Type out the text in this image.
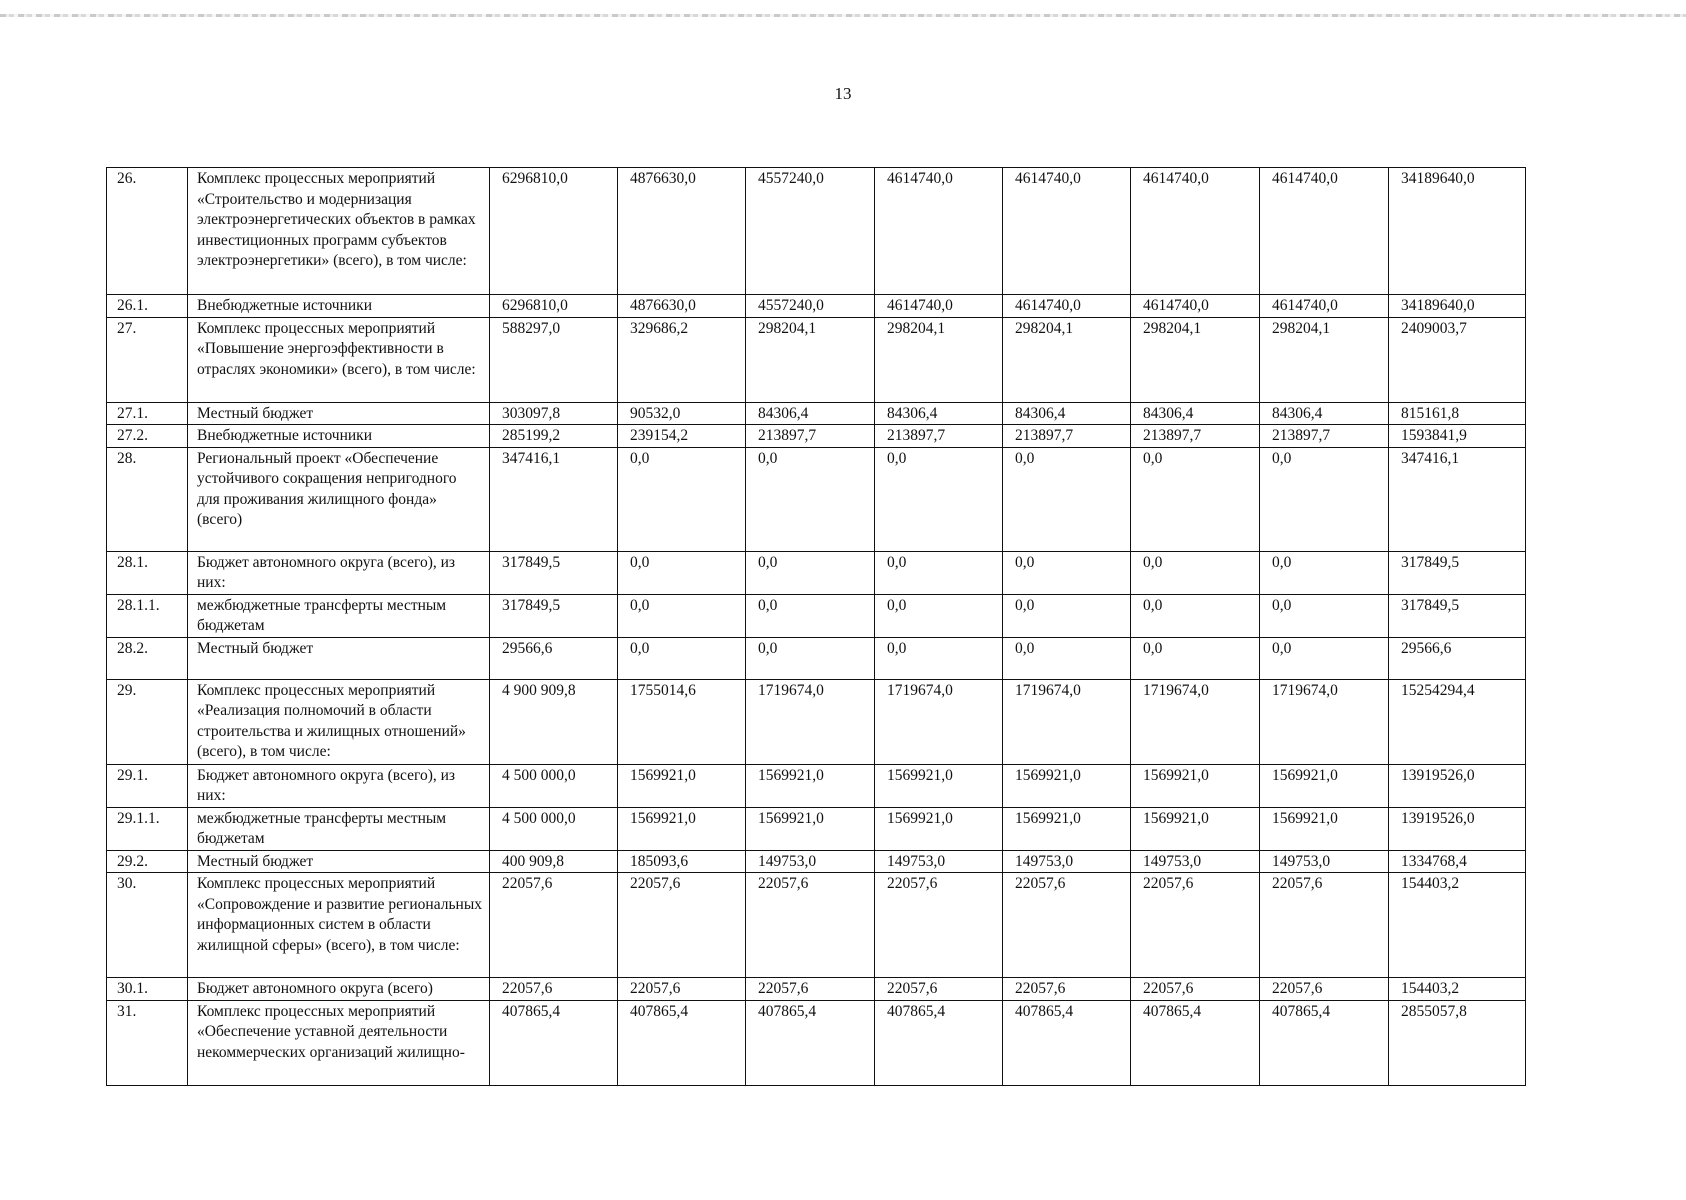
13
26.	Комплекс процессных мероприятий «Строительство и модернизация электроэнергетических объектов в рамках инвестиционных программ субъектов электроэнергетики» (всего), в том числе:	6296810,0	4876630,0	4557240,0	4614740,0	4614740,0	4614740,0	4614740,0	34189640,0
26.1.	Внебюджетные источники	6296810,0	4876630,0	4557240,0	4614740,0	4614740,0	4614740,0	4614740,0	34189640,0
27.	Комплекс процессных мероприятий «Повышение энергоэффективности в отраслях экономики» (всего), в том числе:	588297,0	329686,2	298204,1	298204,1	298204,1	298204,1	298204,1	2409003,7
27.1.	Местный бюджет	303097,8	90532,0	84306,4	84306,4	84306,4	84306,4	84306,4	815161,8
27.2.	Внебюджетные источники	285199,2	239154,2	213897,7	213897,7	213897,7	213897,7	213897,7	1593841,9
28.	Региональный проект «Обеспечение устойчивого сокращения непригодного для проживания жилищного фонда» (всего)	347416,1	0,0	0,0	0,0	0,0	0,0	0,0	347416,1
28.1.	Бюджет автономного округа (всего), из них:	317849,5	0,0	0,0	0,0	0,0	0,0	0,0	317849,5
28.1.1.	межбюджетные трансферты местным бюджетам	317849,5	0,0	0,0	0,0	0,0	0,0	0,0	317849,5
28.2.	Местный бюджет	29566,6	0,0	0,0	0,0	0,0	0,0	0,0	29566,6
29.	Комплекс процессных мероприятий «Реализация полномочий в области строительства и жилищных отношений» (всего), в том числе:	4 900 909,8	1755014,6	1719674,0	1719674,0	1719674,0	1719674,0	1719674,0	15254294,4
29.1.	Бюджет автономного округа (всего), из них:	4 500 000,0	1569921,0	1569921,0	1569921,0	1569921,0	1569921,0	1569921,0	13919526,0
29.1.1.	межбюджетные трансферты местным бюджетам	4 500 000,0	1569921,0	1569921,0	1569921,0	1569921,0	1569921,0	1569921,0	13919526,0
29.2.	Местный бюджет	400 909,8	185093,6	149753,0	149753,0	149753,0	149753,0	149753,0	1334768,4
30.	Комплекс процессных мероприятий «Сопровождение и развитие региональных информационных систем в области жилищной сферы» (всего), в том числе:	22057,6	22057,6	22057,6	22057,6	22057,6	22057,6	22057,6	154403,2
30.1.	Бюджет автономного округа (всего)	22057,6	22057,6	22057,6	22057,6	22057,6	22057,6	22057,6	154403,2
31.	Комплекс процессных мероприятий «Обеспечение уставной деятельности некоммерческих организаций жилищно-	407865,4	407865,4	407865,4	407865,4	407865,4	407865,4	407865,4	2855057,8
